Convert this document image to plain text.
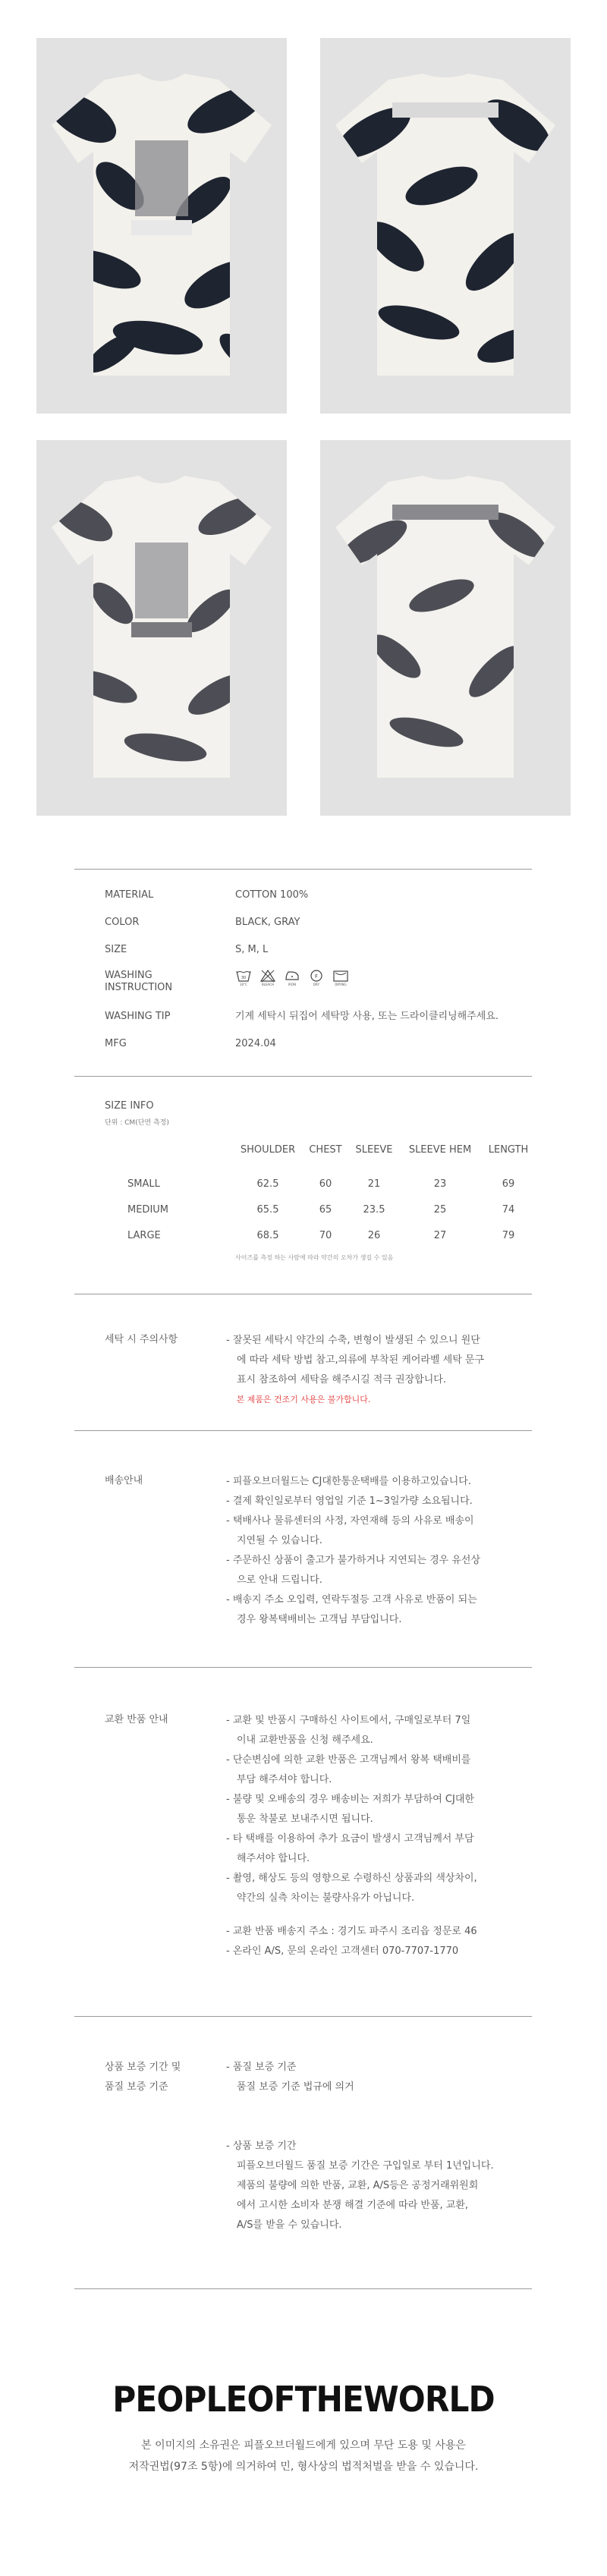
MATERIAL	COTTON 100%
COLOR	BLACK, GRAY
SIZE	S, M, L
WASHING
INSTRUCTION
30
30°C	BLEACH	IRON
F
DRY	DRYING
WASHING TIP	기계 세탁시 뒤집어 세탁망 사용, 또는 드라이클리닝해주세요.
MFG	2024.04
SIZE INFO
단위 : CM(단면 측정)
SHOULDER	CHEST	SLEEVE	SLEEVE HEM	LENGTH
SMALL	62.5	60	21	23	69
MEDIUM	65.5	65	23.5	25	74
LARGE	68.5	70	26	27	79
사이즈를 측정 하는 사람에 따라 약간의 오차가 생길 수 있음
세탁 시 주의사항	- 잘못된 세탁시 약간의 수축, 변형이 발생된 수 있으니 원단

에 따라 세탁 방법 참고,의류에 부착된 케어라벨 세탁 문구

표시 참조하여 세탁을 해주시길 적극 권장합니다.

본 제품은 건조기 사용은 불가합니다.
배송안내	- 피플오브더월드는 CJ대한통운택배를 이용하고있습니다.

- 결제 확인일로부터 영업일 기준 1~3일가량 소요됩니다.

- 택배사나 물류센터의 사정, 자연재해 등의 사유로 배송이

지연될 수 있습니다.

- 주문하신 상품이 출고가 불가하거나 지연되는 경우 유선상

으로 안내 드립니다.

- 배송지 주소 오입력, 연락두절등 고객 사유로 반품이 되는

경우 왕복택배비는 고객님 부담입니다.

교환 반품 안내	- 교환 및 반품시 구매하신 사이트에서, 구매일로부터 7일

이내 교환반품을 신청 해주세요.

- 단순변심에 의한 교환 반품은 고객님께서 왕복 택배비를

부담 해주셔야 합니다.

- 불량 및 오배송의 경우 배송비는 저희가 부담하여 CJ대한

통운 착불로 보내주시면 됩니다.

- 타 택배를 이용하여 추가 요금이 발생시 고객님께서 부담

해주셔야 합니다.

- 촬영, 해상도 등의 영향으로 수령하신 상품과의 색상차이,

약간의 실측 차이는 불량사유가 아닙니다.

- 교환 반품 배송지 주소 : 경기도 파주시 조리읍 정문로 46

- 온라인 A/S, 문의 온라인 고객센터 070-7707-1770

상품 보증 기간 및
품질 보증 기준

- 품질 보증 기준

품질 보증 기준 법규에 의거

- 상품 보증 기간

피플오브더월드 품질 보증 기간은 구입일로 부터 1년입니다.

제품의 불량에 의한 반품, 교환, A/S등은 공정거래위원회

에서 고시한 소비자 분쟁 해결 기준에 따라 반품, 교환,

A/S를 받을 수 있습니다.

PEOPLEOFTHEWORLD
본 이미지의 소유권은 피플오브더월드에게 있으며 무단 도용 및 사용은
저작권법(97조 5항)에 의거하여 민, 형사상의 법적처벌을 받을 수 있습니다.
